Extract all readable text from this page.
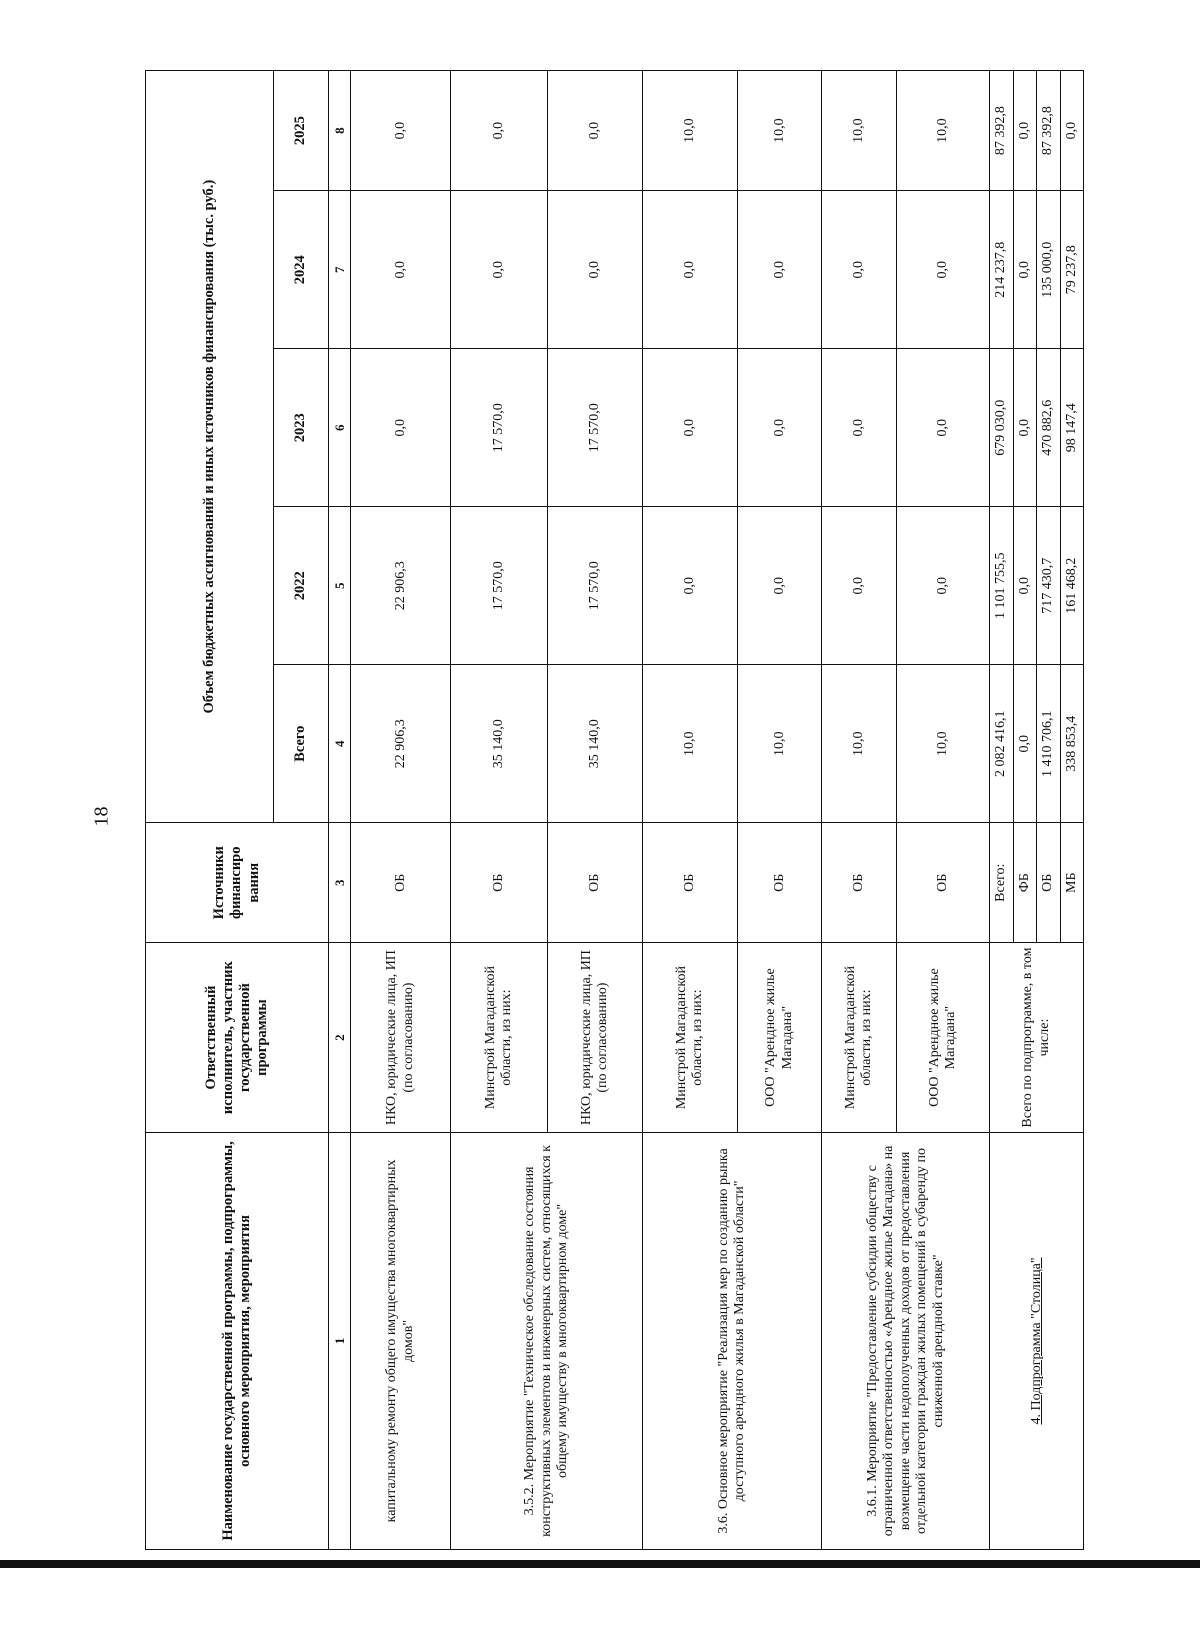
18
Наименование государственной программы, подпрограммы, основного мероприятия, мероприятия	Ответственный исполнитель, участник государственной программы	Источники финансиро вания	Объем бюджетных ассигнований и иных источников финансирования (тыс. руб.)				
			Всего	2022	2023	2024	2025
1	2	3	4	5	6	7	8
капитальному ремонту общего имущества многоквартирных домов"	НКО, юридические лица, ИП (по согласованию)	ОБ	22 906,3	22 906,3	0,0	0,0	0,0
3.5.2. Мероприятие "Техническое обследование состояния конструктивных элементов и инженерных систем, относящихся к общему имуществу в многоквартирном доме"	Минстрой Магаданской области, из них:	ОБ	35 140,0	17 570,0	17 570,0	0,0	0,0
	НКО, юридические лица, ИП (по согласованию)	ОБ	35 140,0	17 570,0	17 570,0	0,0	0,0
3.6. Основное мероприятие "Реализация мер по созданию рынка доступного арендного жилья в Магаданской области"	Минстрой Магаданской области, из них:	ОБ	10,0	0,0	0,0	0,0	10,0
	ООО "Арендное жилье Магадана"	ОБ	10,0	0,0	0,0	0,0	10,0
3.6.1. Мероприятие "Предоставление субсидии обществу с ограниченной ответственностью «Арендное жилье Магадана» на возмещение части недополученных доходов от предоставления отдельной категории граждан жилых помещений в субаренду по сниженной арендной ставке"	Минстрой Магаданской области, из них:	ОБ	10,0	0,0	0,0	0,0	10,0
	ООО "Арендное жилье Магадана"	ОБ	10,0	0,0	0,0	0,0	10,0
4. Подпрограмма "Столица"	Всего по подпрограмме, в том числе:	Всего:	2 082 416,1	1 101 755,5	679 030,0	214 237,8	87 392,8
		ФБ	0,0	0,0	0,0	0,0	0,0
		ОБ	1 410 706,1	717 430,7	470 882,6	135 000,0	87 392,8
		МБ	338 853,4	161 468,2	98 147,4	79 237,8	0,0
